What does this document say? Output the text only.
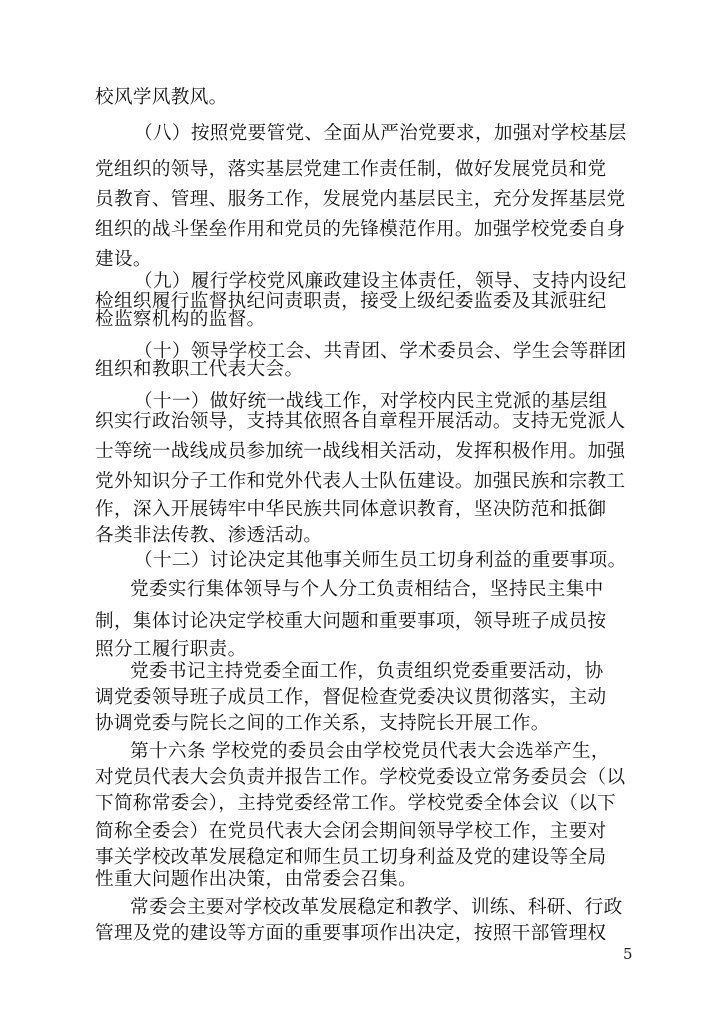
校风学风教风。
（八）按照党要管党、全面从严治党要求，加强对学校基层
党组织的领导，落实基层党建工作责任制，做好发展党员和党
员教育、管理、服务工作，发展党内基层民主，充分发挥基层党
组织的战斗堡垒作用和党员的先锋模范作用。加强学校党委自身
建设。
（九）履行学校党风廉政建设主体责任，领导、支持内设纪
检组织履行监督执纪问责职责，接受上级纪委监委及其派驻纪
检监察机构的监督。
（十）领导学校工会、共青团、学术委员会、学生会等群团
组织和教职工代表大会。
（十一）做好统一战线工作，对学校内民主党派的基层组
织实行政治领导，支持其依照各自章程开展活动。支持无党派人
士等统一战线成员参加统一战线相关活动，发挥积极作用。加强
党外知识分子工作和党外代表人士队伍建设。加强民族和宗教工
作，深入开展铸牢中华民族共同体意识教育，坚决防范和抵御
各类非法传教、渗透活动。
（十二）讨论决定其他事关师生员工切身利益的重要事项。
党委实行集体领导与个人分工负责相结合，坚持民主集中
制，集体讨论决定学校重大问题和重要事项，领导班子成员按
照分工履行职责。
党委书记主持党委全面工作，负责组织党委重要活动，协
调党委领导班子成员工作，督促检查党委决议贯彻落实，主动
协调党委与院长之间的工作关系，支持院长开展工作。
第十六条 学校党的委员会由学校党员代表大会选举产生，
对党员代表大会负责并报告工作。学校党委设立常务委员会（以
下简称常委会），主持党委经常工作。学校党委全体会议（以下
简称全委会）在党员代表大会闭会期间领导学校工作，主要对
事关学校改革发展稳定和师生员工切身利益及党的建设等全局
性重大问题作出决策，由常委会召集。
常委会主要对学校改革发展稳定和教学、训练、科研、行政
管理及党的建设等方面的重要事项作出决定，按照干部管理权
5
